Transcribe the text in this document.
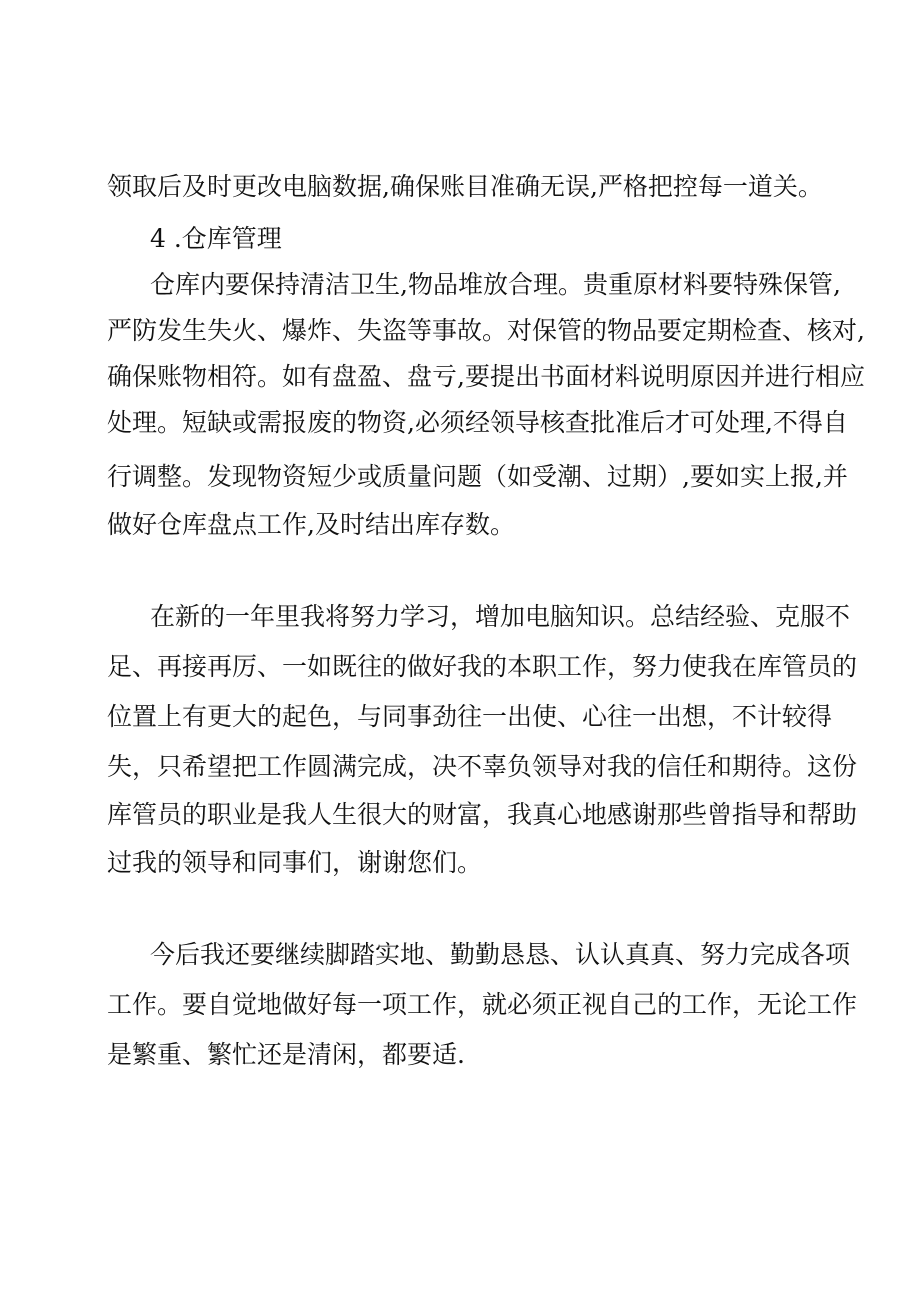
领取后及时更改电脑数据,确保账目准确无误,严格把控每一道关。

4 .仓库管理

仓库内要保持清洁卫生,物品堆放合理。贵重原材料要特殊保管,

严防发生失火、爆炸、失盗等事故。对保管的物品要定期检查、核对,

确保账物相符。如有盘盈、盘亏,要提出书面材料说明原因并进行相应

处理。短缺或需报废的物资,必须经领导核查批准后才可处理,不得自

行调整。发现物资短少或质量问题（如受潮、过期）,要如实上报,并

做好仓库盘点工作,及时结出库存数。

在新的一年里我将努力学习，增加电脑知识。总结经验、克服不

足、再接再厉、一如既往的做好我的本职工作，努力使我在库管员的

位置上有更大的起色，与同事劲往一出使、心往一出想，不计较得

失，只希望把工作圆满完成，决不辜负领导对我的信任和期待。这份

库管员的职业是我人生很大的财富，我真心地感谢那些曾指导和帮助

过我的领导和同事们，谢谢您们。

今后我还要继续脚踏实地、勤勤恳恳、认认真真、努力完成各项

工作。要自觉地做好每一项工作，就必须正视自己的工作，无论工作

是繁重、繁忙还是清闲，都要适.
